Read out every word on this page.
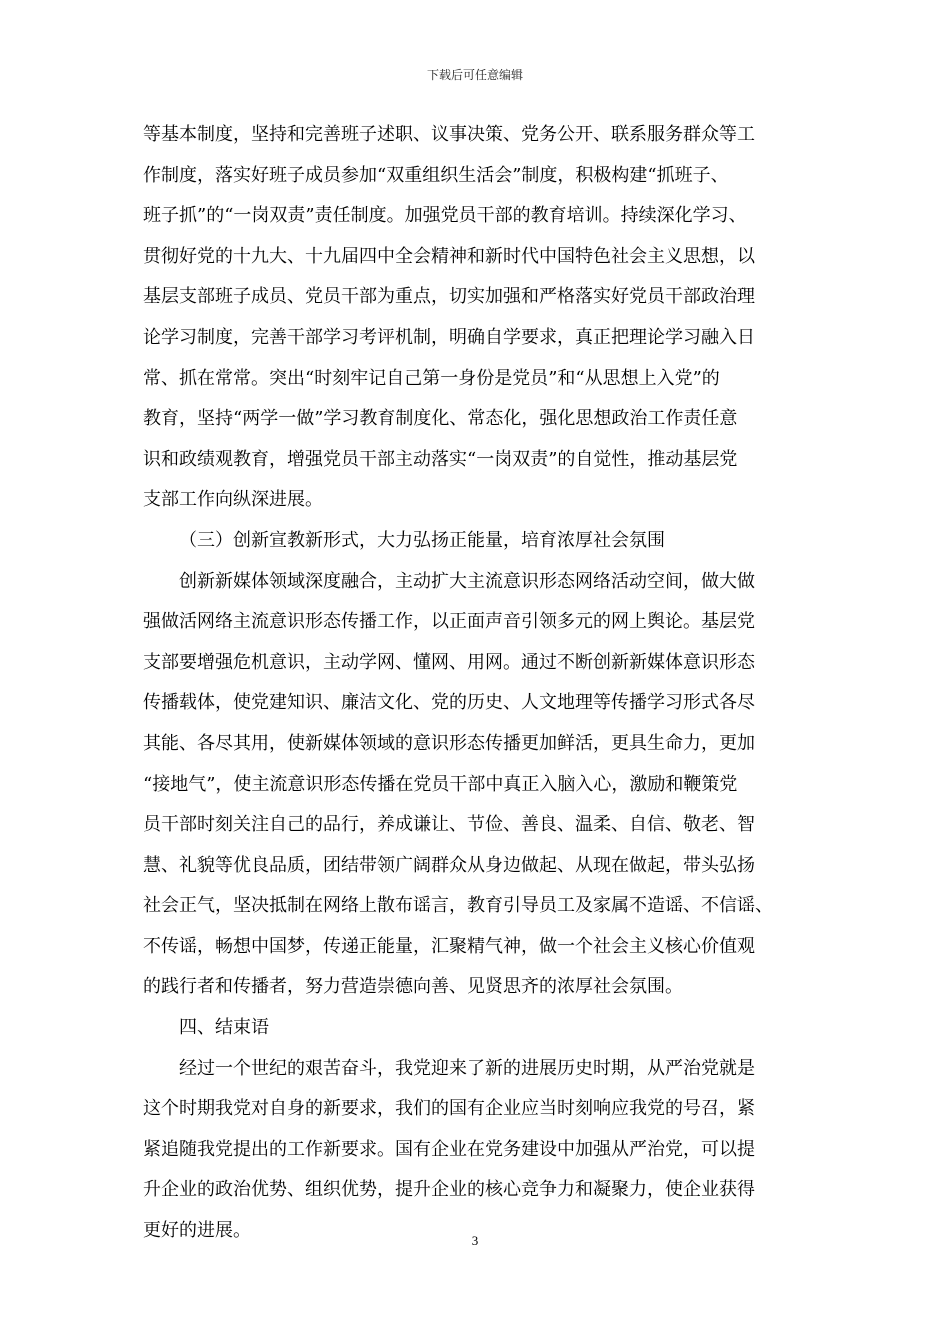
下载后可任意编辑
等基本制度，坚持和完善班子述职、议事决策、党务公开、联系服务群众等工
作制度，落实好班子成员参加“双重组织生活会”制度，积极构建“抓班子、
班子抓”的“一岗双责”责任制度。加强党员干部的教育培训。持续深化学习、
贯彻好党的十九大、十九届四中全会精神和新时代中国特色社会主义思想，以
基层支部班子成员、党员干部为重点，切实加强和严格落实好党员干部政治理
论学习制度，完善干部学习考评机制，明确自学要求，真正把理论学习融入日
常、抓在常常。突出“时刻牢记自己第一身份是党员”和“从思想上入党”的
教育，坚持“两学一做”学习教育制度化、常态化，强化思想政治工作责任意
识和政绩观教育，增强党员干部主动落实“一岗双责”的自觉性，推动基层党
支部工作向纵深进展。
（三）创新宣教新形式，大力弘扬正能量，培育浓厚社会氛围
创新新媒体领域深度融合，主动扩大主流意识形态网络活动空间，做大做
强做活网络主流意识形态传播工作，以正面声音引领多元的网上舆论。基层党
支部要增强危机意识，主动学网、懂网、用网。通过不断创新新媒体意识形态
传播载体，使党建知识、廉洁文化、党的历史、人文地理等传播学习形式各尽
其能、各尽其用，使新媒体领域的意识形态传播更加鲜活，更具生命力，更加
“接地气”，使主流意识形态传播在党员干部中真正入脑入心，激励和鞭策党
员干部时刻关注自己的品行，养成谦让、节俭、善良、温柔、自信、敬老、智
慧、礼貌等优良品质，团结带领广阔群众从身边做起、从现在做起，带头弘扬
社会正气，坚决抵制在网络上散布谣言，教育引导员工及家属不造谣、不信谣、
不传谣，畅想中国梦，传递正能量，汇聚精气神，做一个社会主义核心价值观
的践行者和传播者，努力营造崇德向善、见贤思齐的浓厚社会氛围。
四、结束语
经过一个世纪的艰苦奋斗，我党迎来了新的进展历史时期，从严治党就是
这个时期我党对自身的新要求，我们的国有企业应当时刻响应我党的号召，紧
紧追随我党提出的工作新要求。国有企业在党务建设中加强从严治党，可以提
升企业的政治优势、组织优势，提升企业的核心竞争力和凝聚力，使企业获得
更好的进展。	3
